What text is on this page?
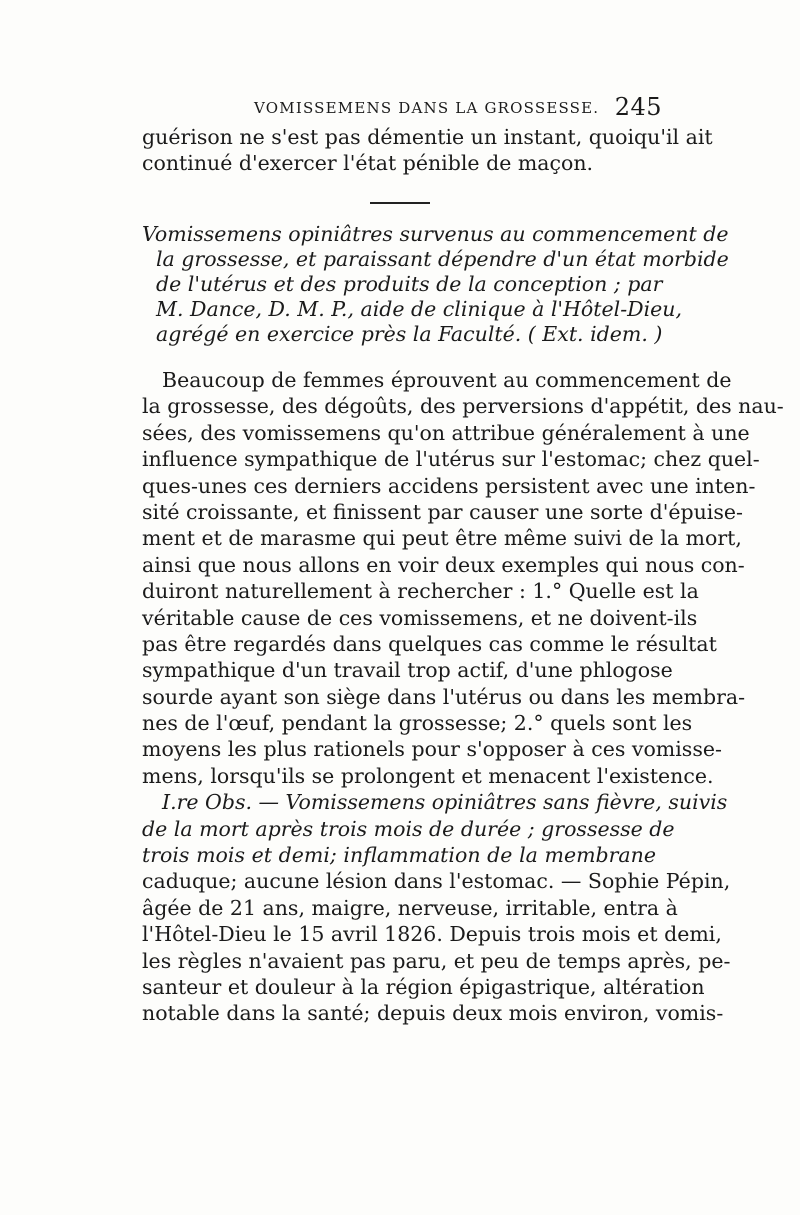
VOMISSEMENS DANS LA GROSSESSE. 245
guérison ne s'est pas démentie un instant, quoiqu'il ait
continué d'exercer l'état pénible de maçon.
Vomissemens opiniâtres survenus au commencement de
la grossesse, et paraissant dépendre d'un état morbide
de l'utérus et des produits de la conception ; par
M. Dance, D. M. P., aide de clinique à l'Hôtel-Dieu,
agrégé en exercice près la Faculté. ( Ext. idem. )
Beaucoup de femmes éprouvent au commencement de
la grossesse, des dégoûts, des perversions d'appétit, des nau-
sées, des vomissemens qu'on attribue généralement à une
influence sympathique de l'utérus sur l'estomac; chez quel-
ques-unes ces derniers accidens persistent avec une inten-
sité croissante, et finissent par causer une sorte d'épuise-
ment et de marasme qui peut être même suivi de la mort,
ainsi que nous allons en voir deux exemples qui nous con-
duiront naturellement à rechercher : 1.° Quelle est la
véritable cause de ces vomissemens, et ne doivent-ils
pas être regardés dans quelques cas comme le résultat
sympathique d'un travail trop actif, d'une phlogose
sourde ayant son siège dans l'utérus ou dans les membra-
nes de l'œuf, pendant la grossesse; 2.° quels sont les
moyens les plus rationels pour s'opposer à ces vomisse-
mens, lorsqu'ils se prolongent et menacent l'existence.
I.re Obs. — Vomissemens opiniâtres sans fièvre, suivis
de la mort après trois mois de durée ; grossesse de
trois mois et demi; inflammation de la membrane
caduque; aucune lésion dans l'estomac. — Sophie Pépin,
âgée de 21 ans, maigre, nerveuse, irritable, entra à
l'Hôtel-Dieu le 15 avril 1826. Depuis trois mois et demi,
les règles n'avaient pas paru, et peu de temps après, pe-
santeur et douleur à la région épigastrique, altération
notable dans la santé; depuis deux mois environ, vomis-
